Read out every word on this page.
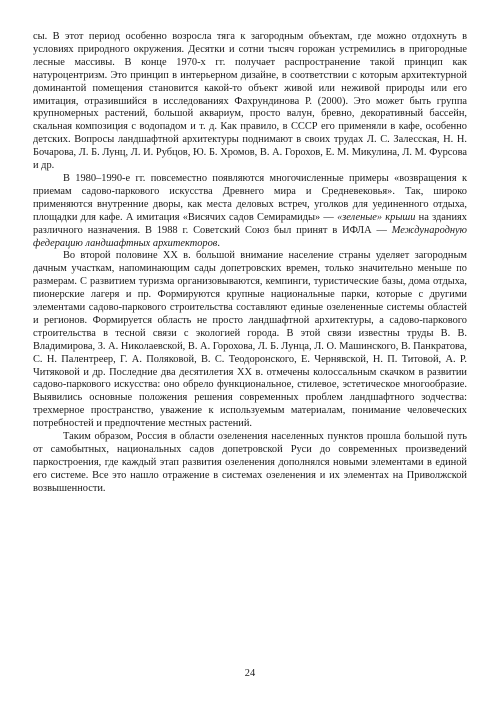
сы. В этот период особенно возросла тяга к загородным объектам, где можно отдохнуть в условиях природного окружения. Десятки и сотни тысяч горожан устремились в пригородные лесные массивы. В конце 1970-х гг. получает распространение такой принцип как натуроцентризм. Это принцип в интерьерном дизайне, в соответствии с которым архитектурной доминантой помещения становится какой-то объект живой или неживой природы или его имитация, отразившийся в исследованиях Фахрундинова Р. (2000). Это может быть группа крупномерных растений, большой аквариум, просто валун, бревно, декоративный бассейн, скальная композиция с водопадом и т. д. Как правило, в СССР его применяли в кафе, особенно детских. Вопросы ландшафтной архитектуры поднимают в своих трудах Л. С. Залесская, Н. Н. Бочарова, Л. Б. Лунц, Л. И. Рубцов, Ю. Б. Хромов, В. А. Горохов, Е. М. Микулина, Л. М. Фурсова и др.

В 1980–1990-е гг. повсеместно появляются многочисленные примеры «возвращения к приемам садово-паркового искусства Древнего мира и Средневековья». Так, широко применяются внутренние дворы, как места деловых встреч, уголков для уединенного отдыха, площадки для кафе. А имитация «Висячих садов Семирамиды» — «зеленые» крыши на зданиях различного назначения. В 1988 г. Советский Союз был принят в ИФЛА — Международную федерацию ландшафтных архитекторов.

Во второй половине XX в. большой внимание население страны уделяет загородным дачным участкам, напоминающим сады допетровских времен, только значительно меньше по размерам. С развитием туризма организовываются, кемпинги, туристические базы, дома отдыха, пионерские лагеря и пр. Формируются крупные национальные парки, которые с другими элементами садово-паркового строительства составляют единые озелененные системы областей и регионов. Формируется область не просто ландшафтной архитектуры, а садово-паркового строительства в тесной связи с экологией города. В этой связи известны труды В. В. Владимирова, З. А. Николаевской, В. А. Горохова, Л. Б. Лунца, Л. О. Машинского, В. Панкратова, С. Н. Палентреер, Г. А. Поляковой, В. С. Теодоронского, Е. Чернявской, Н. П. Титовой, А. Р. Читяковой и др. Последние два десятилетия XX в. отмечены колоссальным скачком в развитии садово-паркового искусства: оно обрело функциональное, стилевое, эстетическое многообразие. Выявились основные положения решения современных проблем ландшафтного зодчества: трехмерное пространство, уважение к используемым материалам, понимание человеческих потребностей и предпочтение местных растений.

Таким образом, Россия в области озеленения населенных пунктов прошла большой путь от самобытных, национальных садов допетровской Руси до современных произведений паркостроения, где каждый этап развития озеленения дополнялся новыми элементами в единой его системе. Все это нашло отражение в системах озеленения и их элементах на Приволжской возвышенности.

24
